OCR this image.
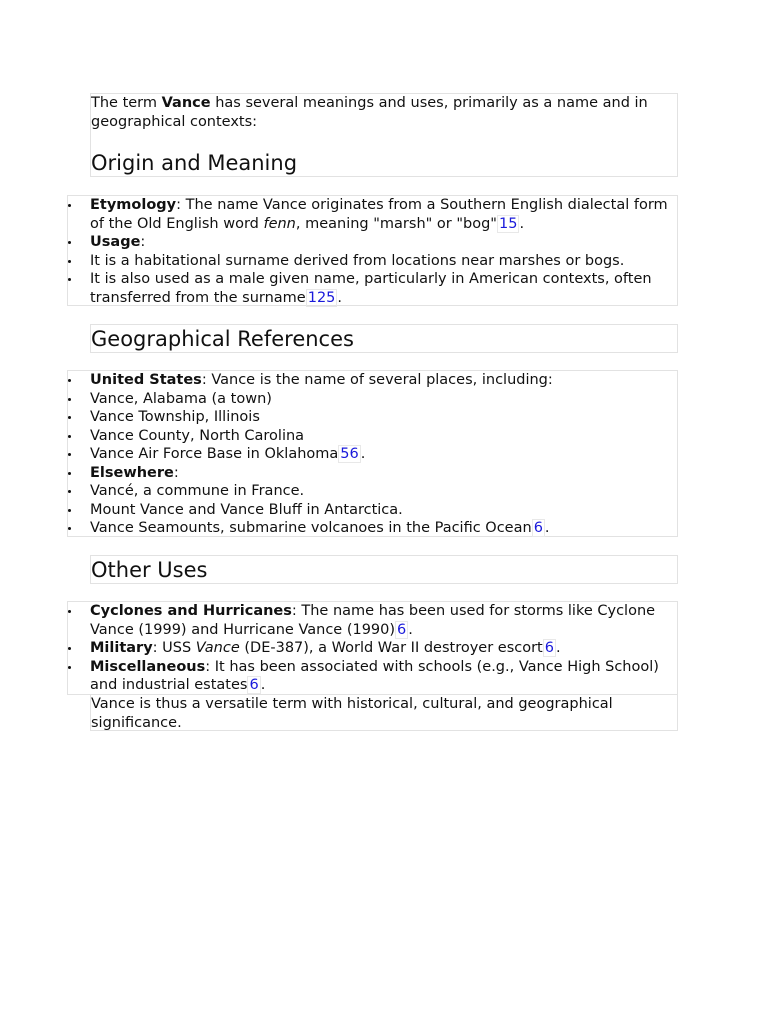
The term Vance has several meanings and uses, primarily as a name and in geographical contexts:

Origin and Meaning
Etymology: The name Vance originates from a Southern English dialectal form of the Old English word fenn, meaning "marsh" or "bog" 15 .
Usage:
It is a habitational surname derived from locations near marshes or bogs.
It is also used as a male given name, particularly in American contexts, often transferred from the surname 125 .
Geographical References
United States: Vance is the name of several places, including:
Vance, Alabama (a town)
Vance Township, Illinois
Vance County, North Carolina
Vance Air Force Base in Oklahoma 56 .
Elsewhere:
Vancé, a commune in France.
Mount Vance and Vance Bluff in Antarctica.
Vance Seamounts, submarine volcanoes in the Pacific Ocean 6 .
Other Uses
Cyclones and Hurricanes: The name has been used for storms like Cyclone Vance (1999) and Hurricane Vance (1990) 6 .
Military: USS Vance (DE-387), a World War II destroyer escort 6 .
Miscellaneous: It has been associated with schools (e.g., Vance High School) and industrial estates 6 .

Vance is thus a versatile term with historical, cultural, and geographical significance.
